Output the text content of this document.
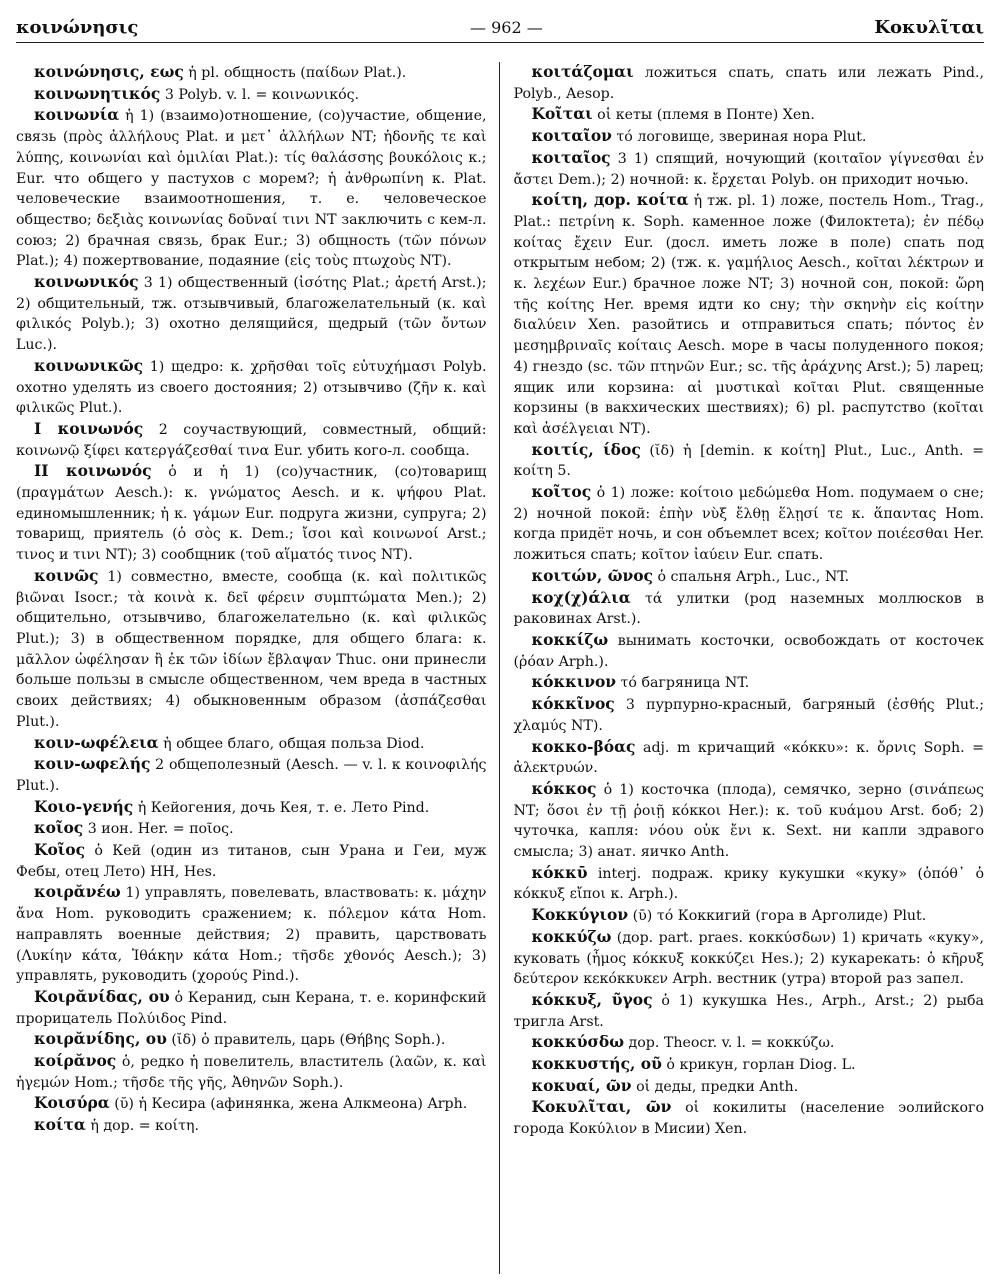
κοινώνησις	— 962 —	Κοκυλῖται

κοινώνησις, εως ἡ pl. общность (παίδων Plat.).

κοινωνητικός 3 Polyb. v. l. = κοινωνικός.

κοινωνία ἡ 1) (взаимо)отношение, (со)участие, общение, связь (πρὸς ἀλλήλους Plat. и μετ᾽ ἀλλήλων NT; ἡδονῆς τε καὶ λύπης, κοινωνίαι καὶ ὁμιλίαι Plat.): τίς θαλάσσης βουκόλοις κ.; Eur. что общего у пастухов с морем?; ἡ ἀνθρωπίνη κ. Plat. человеческие взаимоотношения, т. е. человеческое общество; δεξιὰς κοινωνίας δοῦναί τινι NT заключить с кем-л. союз; 2) брачная связь, брак Eur.; 3) общность (τῶν πόνων Plat.); 4) пожертвование, подаяние (εἰς τοὺς πτωχοὺς NT).

κοινωνικός 3 1) общественный (ἰσότης Plat.; ἀρετή Arst.); 2) общительный, тж. отзывчивый, благожелательный (κ. καὶ φιλικός Polyb.); 3) охотно делящийся, щедрый (τῶν ὄντων Luc.).

κοινωνικῶς 1) щедро: κ. χρῆσθαι τοῖς εὐτυχήμασι Polyb. охотно уделять из своего достояния; 2) отзывчиво (ζῆν κ. καὶ φιλικῶς Plut.).

I κοινωνός 2 соучаствующий, совместный, общий: κοινωνῷ ξίφει κατεργάζεσθαί τινα Eur. убить кого-л. сообща.

II κοινωνός ὁ и ἡ 1) (со)участник, (со)товарищ (πραγμάτων Aesch.): κ. γνώματος Aesch. и κ. ψήφου Plat. единомышленник; ἡ κ. γάμων Eur. подруга жизни, супруга; 2) товарищ, приятель (ὁ σὸς κ. Dem.; ἴσοι καὶ κοινωνοί Arst.; τινος и τινι NT); 3) сообщник (τοῦ αἵματός τινος NT).

κοινῶς 1) совместно, вместе, сообща (κ. καὶ πολιτικῶς βιῶναι Isocr.; τὰ κοινὰ κ. δεῖ φέρειν συμπτώματα Men.); 2) общительно, отзывчиво, благожелательно (κ. καὶ φιλικῶς Plut.); 3) в общественном порядке, для общего блага: κ. μᾶλλον ὠφέλησαν ἢ ἐκ τῶν ἰδίων ἔβλαψαν Thuc. они принесли больше пользы в смысле общественном, чем вреда в частных своих действиях; 4) обыкновенным образом (ἀσπάζεσθαι Plut.).

κοιν-ωφέλεια ἡ общее благо, общая польза Diod.

κοιν-ωφελής 2 общеполезный (Aesch. — v. l. к κοινοφιλής Plut.).

Κοιο-γενής ἡ Кейогения, дочь Кея, т. е. Лето Pind.

κοῖος 3 ион. Her. = ποῖος.

Κοῖος ὁ Кей (один из титанов, сын Урана и Геи, муж Фебы, отец Лето) HH, Hes.

κοιρᾰνέω 1) управлять, повелевать, властвовать: κ. μάχην ἄνα Hom. руководить сражением; κ. πόλεμον κάτα Hom. направлять военные действия; 2) править, царствовать (Λυκίην κάτα, Ἰθάκην κάτα Hom.; τῆσδε χθονός Aesch.); 3) управлять, руководить (χορούς Pind.).

Κοιρᾰνίδας, ου ὁ Керанид, сын Керана, т. е. коринфский прорицатель Πολύιδος Pind.

κοιρᾰνίδης, ου (ῐδ) ὁ правитель, царь (Θήβης Soph.).

κοίρᾰνος ὁ, редко ἡ повелитель, властитель (λαῶν, κ. καὶ ἡγεμών Hom.; τῆσδε τῆς γῆς, Ἀθηνῶν Soph.).

Κοισύρα (ῠ) ἡ Кесира (афинянка, жена Алкмеона) Arph.

κοίτα ἡ дор. = κοίτη.

κοιτάζομαι ложиться спать, спать или лежать Pind., Polyb., Aesop.

Κοῖται οἱ кеты (племя в Понте) Xen.

κοιταῖον τό логовище, звериная нора Plut.

κοιταῖος 3 1) спящий, ночующий (κοιταῖον γίγνεσθαι ἐν ἄστει Dem.); 2) ночной: κ. ἔρχεται Polyb. он приходит ночью.

κοίτη, дор. κοίτα ἡ тж. pl. 1) ложе, постель Hom., Trag., Plat.: πετρίνη κ. Soph. каменное ложе (Филоктета); ἐν πέδῳ κοίτας ἔχειν Eur. (досл. иметь ложе в поле) спать под открытым небом; 2) (тж. κ. γαμήλιος Aesch., κοῖται λέκτρων и κ. λεχέων Eur.) брачное ложе NT; 3) ночной сон, покой: ὥρη τῆς κοίτης Her. время идти ко сну; τὴν σκηνὴν εἰς κοίτην διαλύειν Xen. разойтись и отправиться спать; πόντος ἐν μεσημβριναῖς κοίταις Aesch. море в часы полуденного покоя; 4) гнездо (sc. τῶν πτηνῶν Eur.; sc. τῆς ἀράχνης Arst.); 5) ларец; ящик или корзина: αἱ μυστικαὶ κοῖται Plut. священные корзины (в вакхических шествиях); 6) pl. распутство (κοῖται καὶ ἀσέλγειαι NT).

κοιτίς, ίδος (ῐδ) ἡ [demin. к κοίτη] Plut., Luc., Anth. = κοίτη 5.

κοῖτος ὁ 1) ложе: κοίτοιο μεδώμεθα Hom. подумаем о сне; 2) ночной покой: ἐπὴν νὺξ ἔλθῃ ἕλῃσί τε κ. ἅπαντας Hom. когда придёт ночь, и сон объемлет всех; κοῖτον ποιέεσθαι Her. ложиться спать; κοῖτον ἰαύειν Eur. спать.

κοιτών, ῶνος ὁ спальня Arph., Luc., NT.

κοχ(χ)άλια τά улитки (род наземных моллюсков в раковинах Arst.).

κοκκίζω вынимать косточки, освобождать от косточек (ῥόαν Arph.).

κόκκινον τό багряница NT.

κόκκῖνος 3 пурпурно-красный, багряный (ἐσθής Plut.; χλαμύς NT).

κοκκο-βόας adj. m кричащий «κόκκυ»: κ. ὄρνις Soph. = ἀλεκτρυών.

κόκκος ὁ 1) косточка (плода), семячко, зерно (σινάπεως NT; ὅσοι ἐν τῇ ῥοιῇ κόκκοι Her.): κ. τοῦ κυάμου Arst. боб; 2) чуточка, капля: νόου οὐκ ἔνι κ. Sext. ни капли здравого смысла; 3) анат. яичко Anth.

κόκκῡ interj. подраж. крику кукушки «куку» (ὁπόθ᾽ ὁ κόκκυξ εἴποι κ. Arph.).

Κοκκύγιον (ῡ) τό Коккигий (гора в Арголиде) Plut.

κοκκύζω (дор. part. praes. κοκκύσδων) 1) кричать «куку», куковать (ἦμος κόκκυξ κοκκύζει Hes.); 2) кукарекать: ὁ κῆρυξ δεύτερον κεκόκκυκεν Arph. вестник (утра) второй раз запел.

κόκκυξ, ῦγος ὁ 1) кукушка Hes., Arph., Arst.; 2) рыба тригла Arst.

κοκκύσδω дор. Theocr. v. l. = κοκκύζω.

κοκκυστής, οῦ ὁ крикун, горлан Diog. L.

κοκυαί, ῶν οἱ деды, предки Anth.

Κοκυλῖται, ῶν οἱ кокилиты (население эолийского города Κοκύλιον в Мисии) Xen.
